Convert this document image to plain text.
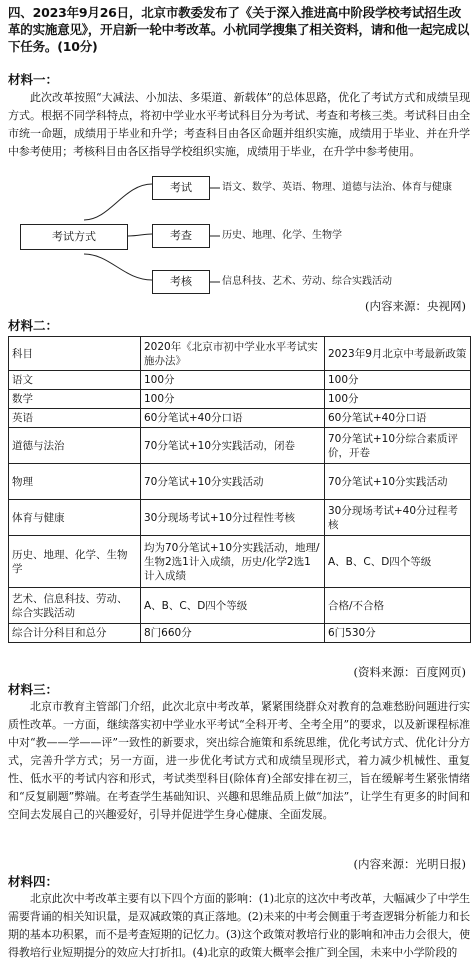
四、2023年9月26日，北京市教委发布了《关于深入推进高中阶段学校考试招生改革的实施意见》，开启新一轮中考改革。小杭同学搜集了相关资料，请和他一起完成以下任务。(10分)
材料一：
此次改革按照“大减法、小加法、多渠道、新载体”的总体思路，优化了考试方式和成绩呈现方式。根据不同学科特点，将初中学业水平考试科目分为考试、考查和考核三类。考试科目由全市统一命题，成绩用于毕业和升学；考查科目由各区命题并组织实施，成绩用于毕业、并在升学中参考使用；考核科目由各区指导学校组织实施，成绩用于毕业，在升学中参考使用。
考试方式
考试	语文、数学、英语、物理、道德与法治、体育与健康
考查	历史、地理、化学、生物学
考核	信息科技、艺术、劳动、综合实践活动
(内容来源：央视网)
材料二：
科目	2020年《北京市初中学业水平考试实施办法》	2023年9月北京中考最新政策
语文	100分	100分
数学	100分	100分
英语	60分笔试+40分口语	60分笔试+40分口语
道德与法治	70分笔试+10分实践活动，闭卷	70分笔试+10分综合素质评价，开卷
物理	70分笔试+10分实践活动	70分笔试+10分实践活动
体育与健康	30分现场考试+10分过程性考核	30分现场考试+40分过程考核
历史、地理、化学、生物学	均为70分笔试+10分实践活动，地理/生物2选1计入成绩，历史/化学2选1计入成绩	A、B、C、D四个等级
艺术、信息科技、劳动、综合实践活动	A、B、C、D四个等级	合格/不合格
综合计分科目和总分	8门660分	6门530分
(资料来源：百度网页)
材料三：
北京市教育主管部门介绍，此次北京中考改革，紧紧围绕群众对教育的急难愁盼问题进行实质性改革。一方面，继续落实初中学业水平考试“全科开考、全考全用”的要求，以及新课程标准中对“教——学——评”一致性的新要求，突出综合施策和系统思维，优化考试方式、优化计分方式，完善升学方式；另一方面，进一步优化考试方式和成绩呈现形式，着力减少机械性、重复性、低水平的考试内容和形式，考试类型科目(除体育)全部安排在初三，旨在缓解考生紧张情绪和“反复刷题”弊端。在考查学生基础知识、兴趣和思维品质上做“加法”，让学生有更多的时间和空间去发展自己的兴趣爱好，引导并促进学生身心健康、全面发展。
(内容来源：光明日报)
材料四：
北京此次中考改革主要有以下四个方面的影响：(1)北京的这次中考改革，大幅减少了中学生需要背诵的相关知识量，是双减政策的真正落地。(2)未来的中考会侧重于考查逻辑分析能力和长期的基本功积累，而不是考查短期的记忆力。(3)这个政策对教培行业的影响和冲击力会很大，使得教培行业短期提分的效应大打折扣。(4)北京的政策大概率会推广到全国，未来中小学阶段的
